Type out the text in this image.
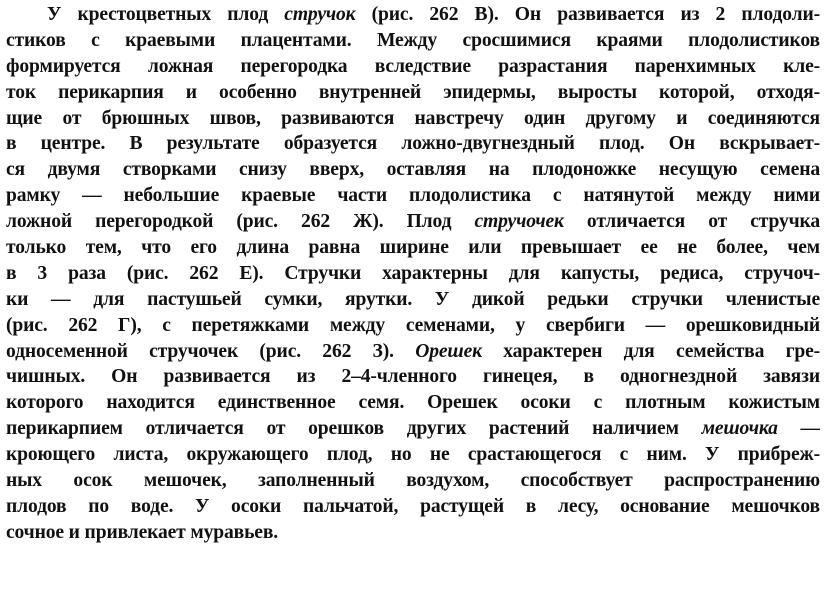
У крестоцветных плод стручок (рис. 262 В). Он развивается из 2 плодоли-
стиков с краевыми плацентами. Между сросшимися краями плодолистиков
формируется ложная перегородка вследствие разрастания паренхимных кле-
ток перикарпия и особенно внутренней эпидермы, выросты которой, отходя-
щие от брюшных швов, развиваются навстречу один другому и соединяются
в центре. В результате образуется ложно-двугнездный плод. Он вскрывает-
ся двумя створками снизу вверх, оставляя на плодоножке несущую семена
рамку — небольшие краевые части плодолистика с натянутой между ними
ложной перегородкой (рис. 262 Ж). Плод стручочек отличается от стручка
только тем, что его длина равна ширине или превышает ее не более, чем
в 3 раза (рис. 262 Е). Стручки характерны для капусты, редиса, стручоч-
ки — для пастушьей сумки, ярутки. У дикой редьки стручки членистые
(рис. 262 Г), с перетяжками между семенами, у свербиги — орешковидный
односеменной стручочек (рис. 262 З). Орешек характерен для семейства гре-
чишных. Он развивается из 2–4-членного гинецея, в одногнездной завязи
которого находится единственное семя. Орешек осоки с плотным кожистым
перикарпием отличается от орешков других растений наличием мешочка —
кроющего листа, окружающего плод, но не срастающегося с ним. У прибреж-
ных осок мешочек, заполненный воздухом, способствует распространению
плодов по воде. У осоки пальчатой, растущей в лесу, основание мешочков
сочное и привлекает муравьев.
